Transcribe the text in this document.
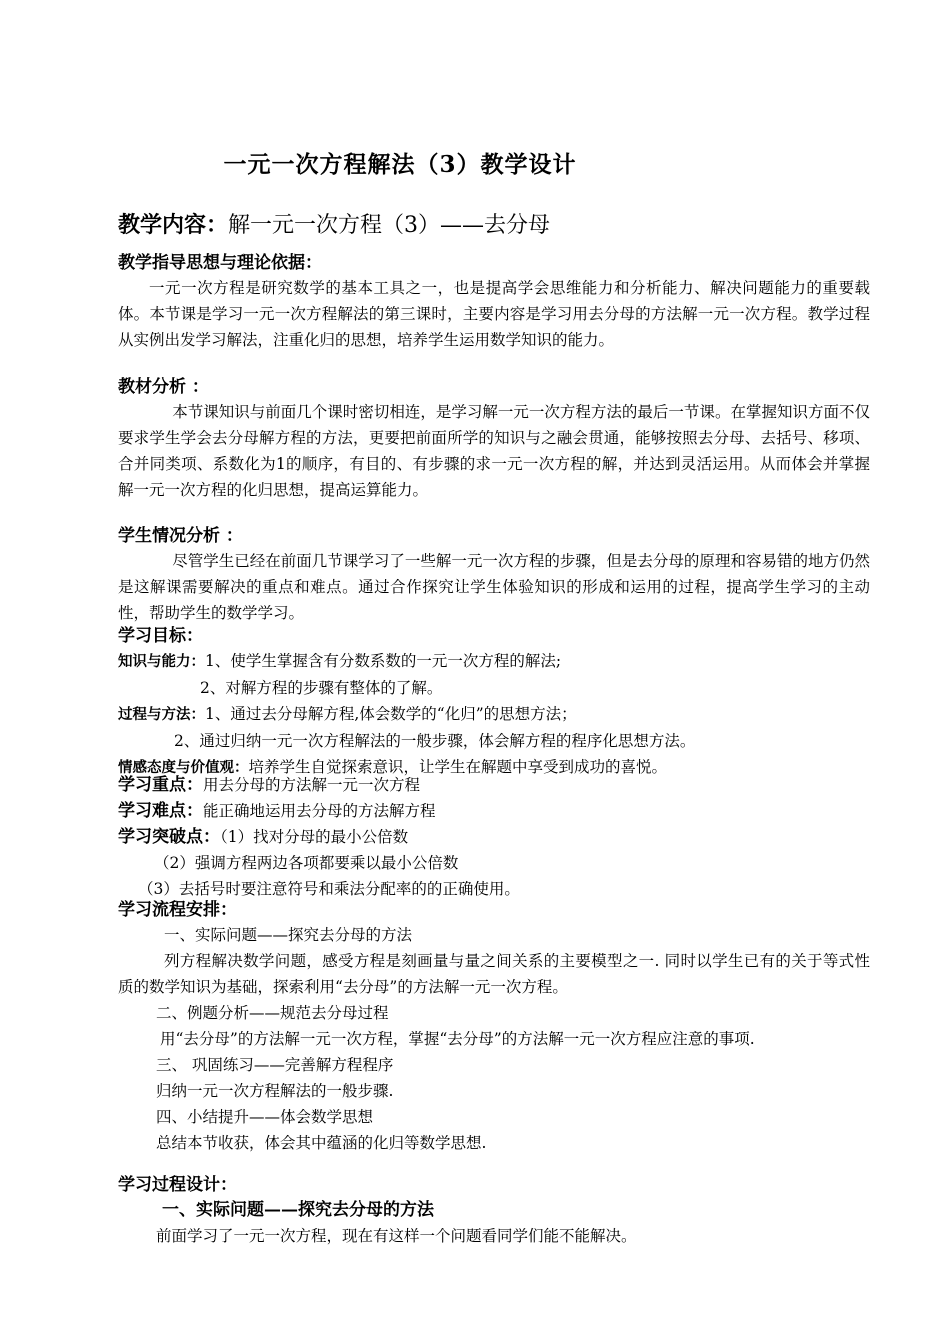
一元一次方程解法（3）教学设计
教学内容：解一元一次方程（3）——去分母
教学指导思想与理论依据：
一元一次方程是研究数学的基本工具之一，也是提高学会思维能力和分析能力、解决问题能力的重要载体。本节课是学习一元一次方程解法的第三课时，主要内容是学习用去分母的方法解一元一次方程。教学过程从实例出发学习解法，注重化归的思想，培养学生运用数学知识的能力。
教材分析 ：
本节课知识与前面几个课时密切相连，是学习解一元一次方程方法的最后一节课。在掌握知识方面不仅要求学生学会去分母解方程的方法，更要把前面所学的知识与之融会贯通，能够按照去分母、去括号、移项、合并同类项、系数化为1的顺序，有目的、有步骤的求一元一次方程的解，并达到灵活运用。从而体会并掌握解一元一次方程的化归思想，提高运算能力。
学生情况分析 ：
尽管学生已经在前面几节课学习了一些解一元一次方程的步骤，但是去分母的原理和容易错的地方仍然是这解课需要解决的重点和难点。通过合作探究让学生体验知识的形成和运用的过程，提高学生学习的主动性，帮助学生的数学学习。
学习目标：
知识与能力：1、使学生掌握含有分数系数的一元一次方程的解法;
2、对解方程的步骤有整体的了解。
过程与方法：1、通过去分母解方程,体会数学的“化归”的思想方法；
2、通过归纳一元一次方程解法的一般步骤，体会解方程的程序化思想方法。
情感态度与价值观：培养学生自觉探索意识，让学生在解题中享受到成功的喜悦。
学习重点：用去分母的方法解一元一次方程
学习难点：能正确地运用去分母的方法解方程
学习突破点：（1）找对分母的最小公倍数
（2）强调方程两边各项都要乘以最小公倍数
（3）去括号时要注意符号和乘法分配率的的正确使用。
学习流程安排：
一、实际问题——探究去分母的方法
列方程解决数学问题，感受方程是刻画量与量之间关系的主要模型之一. 同时以学生已有的关于等式性质的数学知识为基础，探索利用“去分母”的方法解一元一次方程。
二、例题分析——规范去分母过程
用“去分母”的方法解一元一次方程，掌握“去分母”的方法解一元一次方程应注意的事项.
三、 巩固练习——完善解方程程序
归纳一元一次方程解法的一般步骤.
四、小结提升——体会数学思想
总结本节收获，体会其中蕴涵的化归等数学思想.
学习过程设计：
一、实际问题——探究去分母的方法
前面学习了一元一次方程，现在有这样一个问题看同学们能不能解决。
